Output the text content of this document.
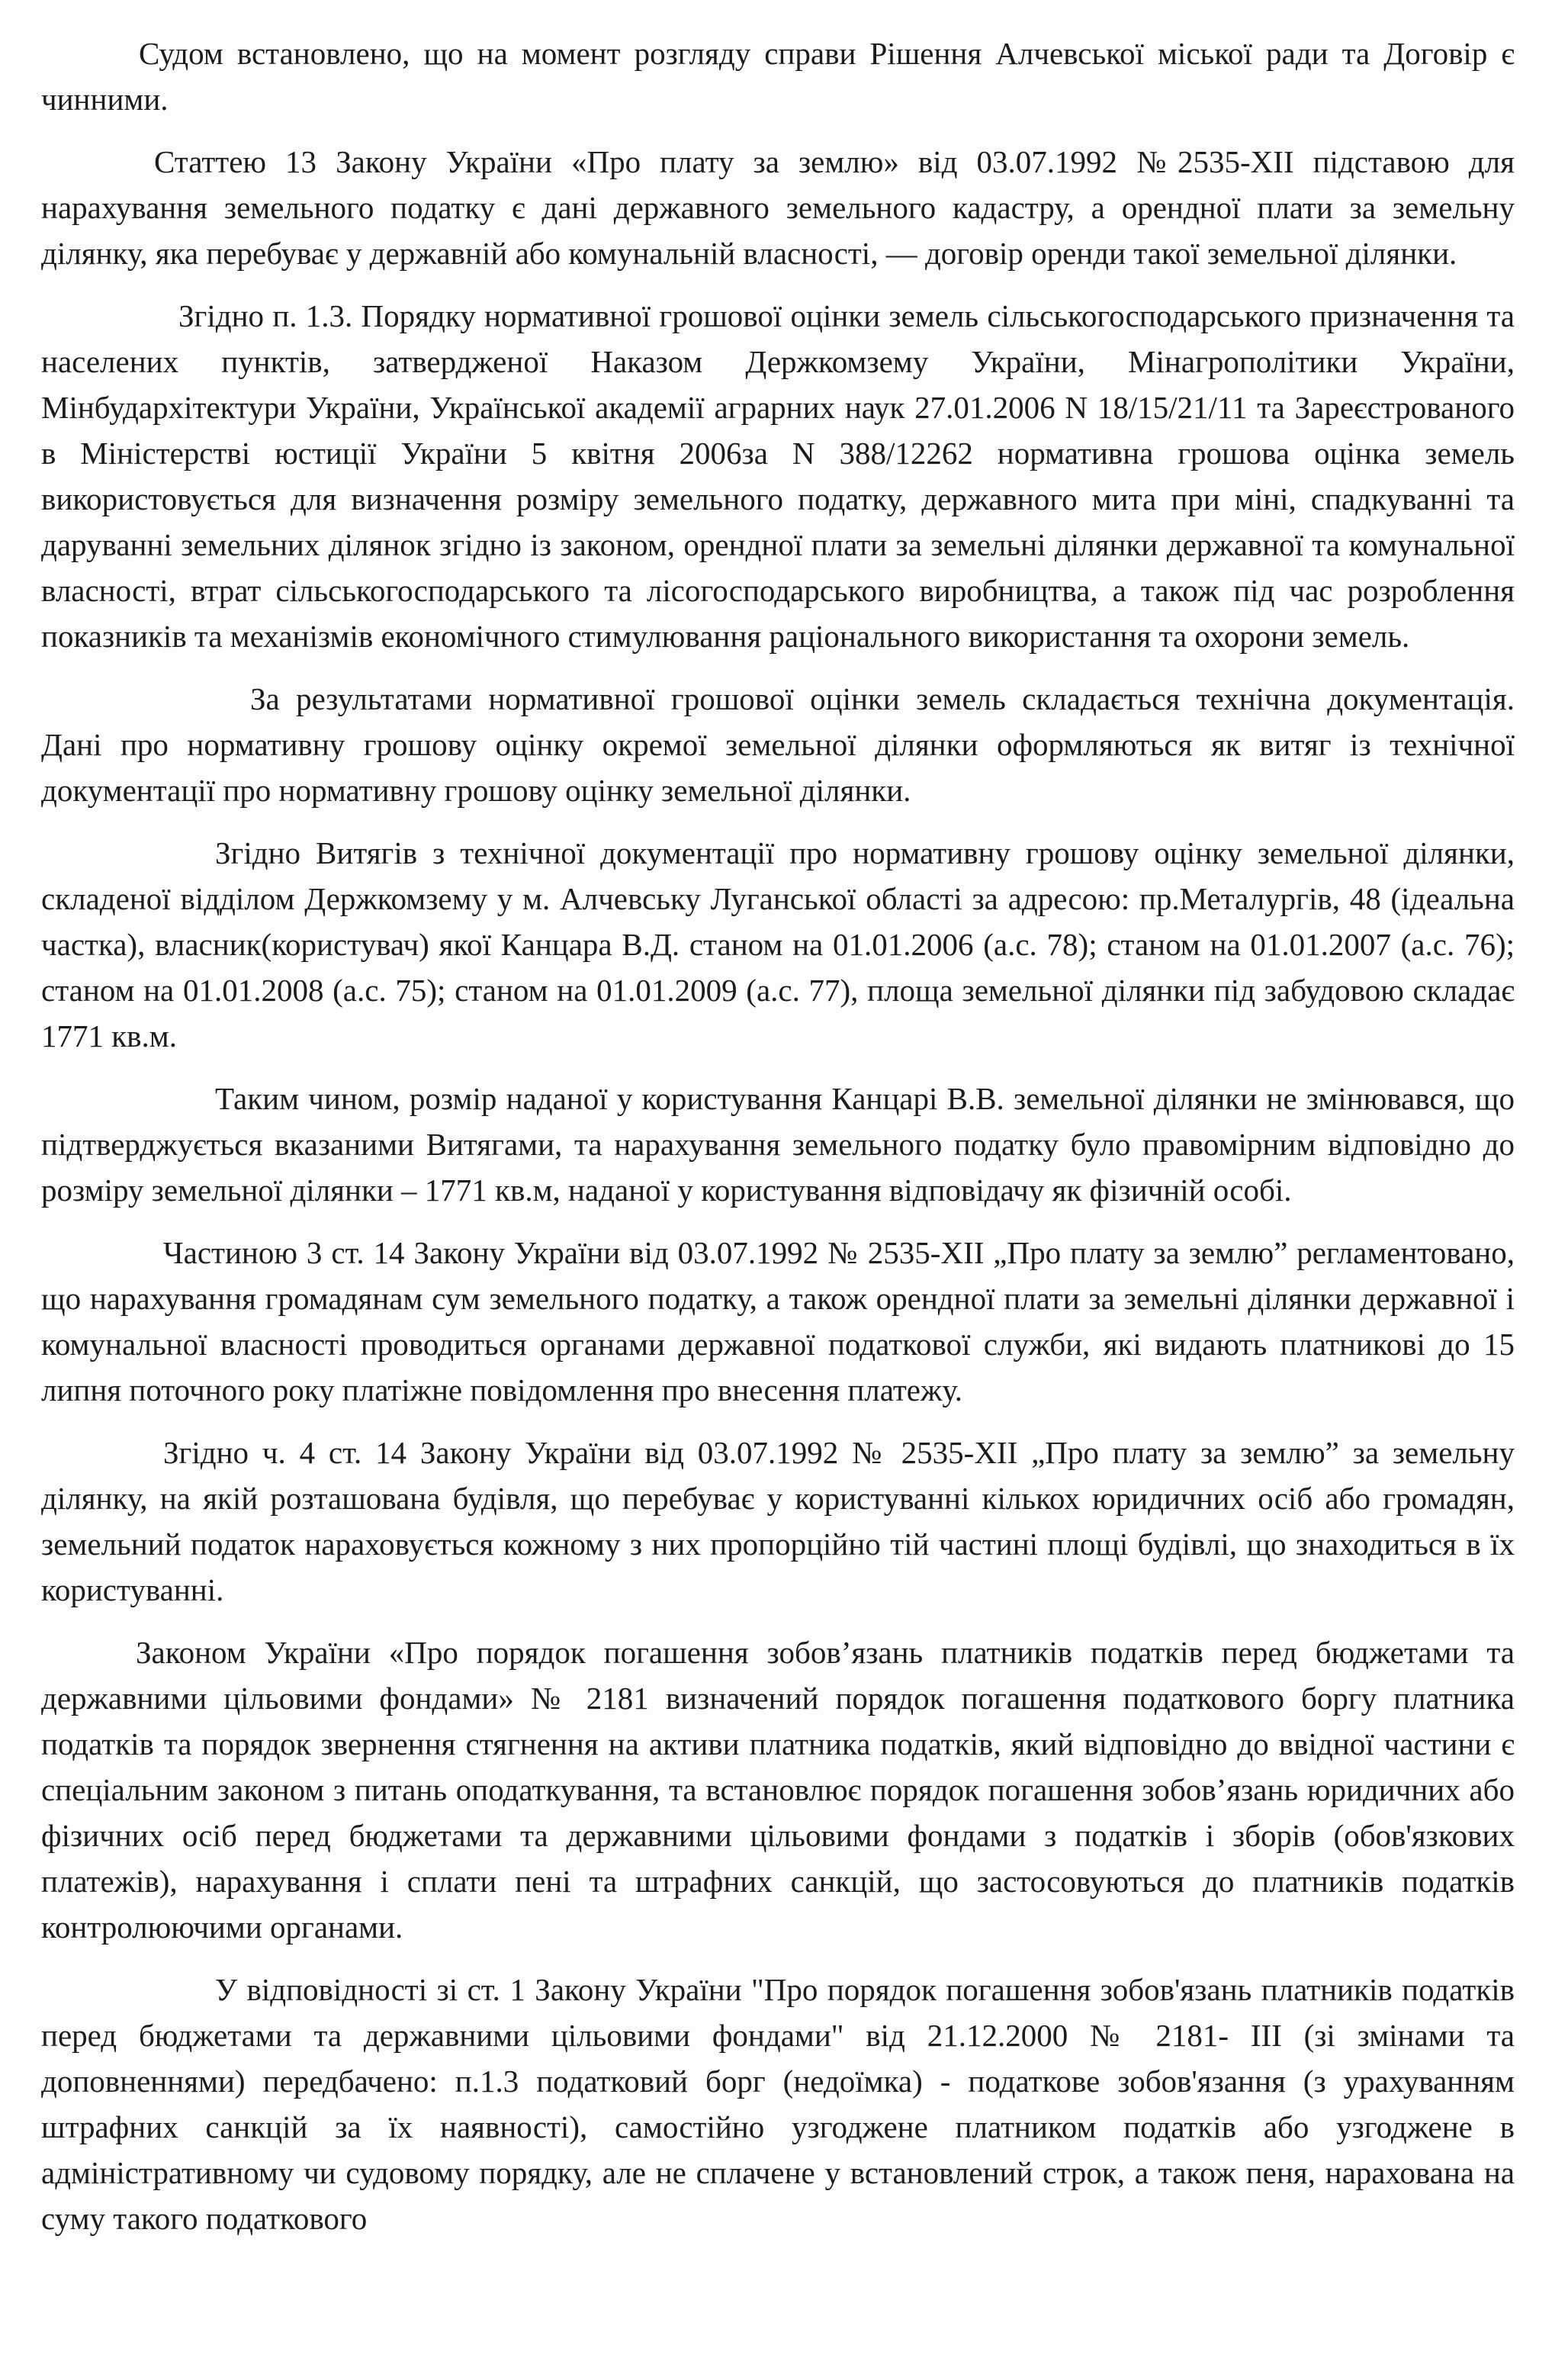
Судом встановлено, що на момент розгляду справи Рішення Алчевської міської ради та Договір є чинними.

Статтею 13 Закону України «Про плату за землю» від 03.07.1992 №2535-ХІІ підставою для нарахування земельного податку є дані державного земельного кадастру, а орендної плати за земельну ділянку, яка перебуває у державній або комунальній власності, — договір оренди такої земельної ділянки.

Згідно п. 1.3. Порядку нормативної грошової оцінки земель сільськогосподарського призначення та населених пунктів, затвердженої Наказом Держкомзему України, Мінагрополітики України, Мінбудархітектури України, Української академії аграрних наук 27.01.2006 N 18/15/21/11 та Зареєстрованого в Міністерстві юстиції України 5 квітня 2006за N 388/12262 нормативна грошова оцінка земель використовується для визначення розміру земельного податку, державного мита при міні, спадкуванні та даруванні земельних ділянок згідно із законом, орендної плати за земельні ділянки державної та комунальної власності, втрат сільськогосподарського та лісогосподарського виробництва, а також під час розроблення показників та механізмів економічного стимулювання раціонального використання та охорони земель.

За результатами нормативної грошової оцінки земель складається технічна документація. Дані про нормативну грошову оцінку окремої земельної ділянки оформляються як витяг із технічної документації про нормативну грошову оцінку земельної ділянки.

Згідно Витягів з технічної документації про нормативну грошову оцінку земельної ділянки, складеної відділом Держкомзему у м. Алчевську Луганської області за адресою: пр.Металургів, 48 (ідеальна частка), власник(користувач) якої Канцара В.Д. станом на 01.01.2006 (а.с. 78); станом на 01.01.2007 (а.с. 76); станом на 01.01.2008 (а.с. 75); станом на 01.01.2009 (а.с. 77), площа земельної ділянки під забудовою складає 1771 кв.м.

Таким чином, розмір наданої у користування Канцарі В.В. земельної ділянки не змінювався, що підтверджується вказаними Витягами, та нарахування земельного податку було правомірним відповідно до розміру земельної ділянки – 1771 кв.м, наданої у користування відповідачу як фізичній особі.

Частиною 3 ст. 14 Закону України від 03.07.1992 № 2535-ХІІ „Про плату за землю” регламентовано, що нарахування громадянам сум земельного податку, а також орендної плати за земельні ділянки державної і комунальної власності проводиться органами державної податкової служби, які видають платникові до 15 липня поточного року платіжне повідомлення про внесення платежу.

Згідно ч. 4 ст. 14 Закону України від 03.07.1992 № 2535-ХІІ „Про плату за землю” за земельну ділянку, на якій розташована будівля, що перебуває у користуванні кількох юридичних осіб або громадян, земельний податок нараховується кожному з них пропорційно тій частині площі будівлі, що знаходиться в їх користуванні.

Законом України «Про порядок погашення зобов’язань платників податків перед бюджетами та державними цільовими фондами» № 2181 визначений порядок погашення податкового боргу платника податків та порядок звернення стягнення на активи платника податків, який відповідно до ввідної частини є спеціальним законом з питань оподаткування, та встановлює порядок погашення зобов’язань юридичних або фізичних осіб перед бюджетами та державними цільовими фондами з податків і зборів (обов'язкових платежів), нарахування і сплати пені та штрафних санкцій, що застосовуються до платників податків контролюючими органами.

У відповідності зі ст. 1 Закону України "Про порядок погашення зобов'язань платників податків перед бюджетами та державними цільовими фондами" від 21.12.2000 № 2181- ІІІ (зі змінами та доповненнями) передбачено: п.1.3 податковий борг (недоїмка) - податкове зобов'язання (з урахуванням штрафних санкцій за їх наявності), самостійно узгоджене платником податків або узгоджене в адміністративному чи судовому порядку, але не сплачене у встановлений строк, а також пеня, нарахована на суму такого податкового
